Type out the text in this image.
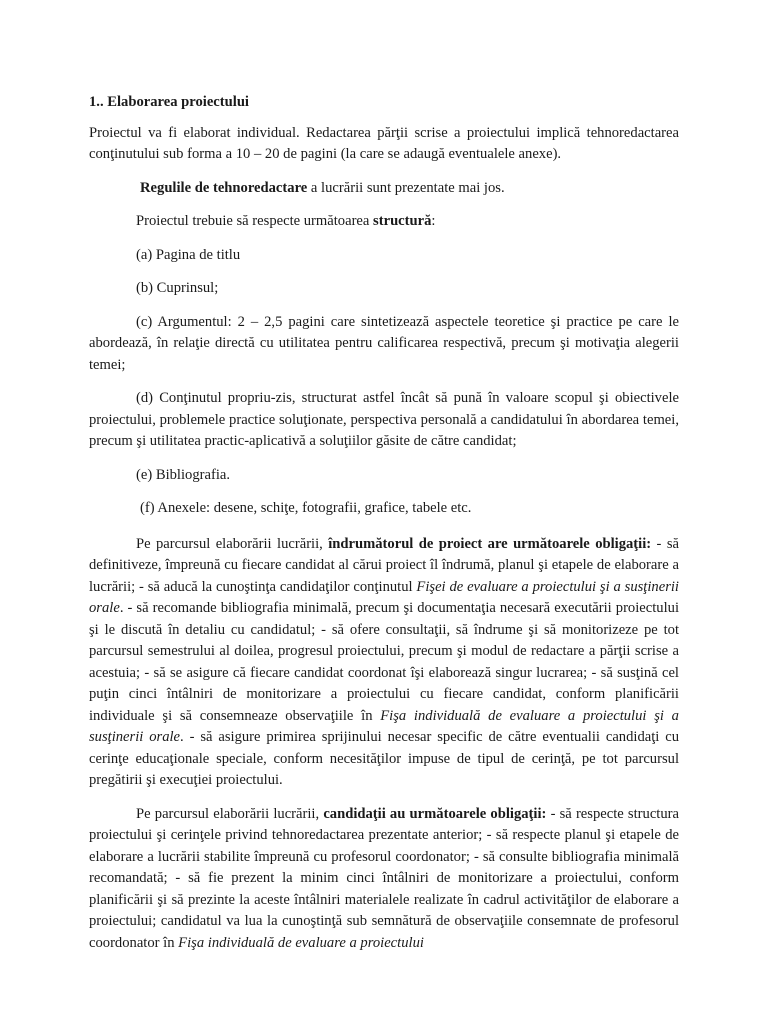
1.. Elaborarea proiectului

Proiectul va fi elaborat individual. Redactarea părţii scrise a proiectului implică tehnoredactarea conţinutului sub forma a 10 – 20 de pagini (la care se adaugă eventualele anexe).

Regulile de tehnoredactare a lucrării sunt prezentate mai jos.

Proiectul trebuie să respecte următoarea structură:

(a) Pagina de titlu

(b) Cuprinsul;

(c) Argumentul: 2 – 2,5 pagini care sintetizează aspectele teoretice şi practice pe care le abordează, în relaţie directă cu utilitatea pentru calificarea respectivă, precum şi motivaţia alegerii temei;

(d) Conţinutul propriu-zis, structurat astfel încât să pună în valoare scopul şi obiectivele proiectului, problemele practice soluţionate, perspectiva personală a candidatului în abordarea temei, precum şi utilitatea practic-aplicativă a soluţiilor găsite de către candidat;

(e) Bibliografia.

(f) Anexele: desene, schiţe, fotografii, grafice, tabele etc.

Pe parcursul elaborării lucrării, îndrumătorul de proiect are următoarele obligaţii: - să definitiveze, împreună cu fiecare candidat al cărui proiect îl îndrumă, planul şi etapele de elaborare a lucrării; - să aducă la cunoştinţa candidaţilor conţinutul Fişei de evaluare a proiectului şi a susţinerii orale. - să recomande bibliografia minimală, precum şi documentaţia necesară executării proiectului şi le discută în detaliu cu candidatul; - să ofere consultaţii, să îndrume şi să monitorizeze pe tot parcursul semestrului al doilea, progresul proiectului, precum şi modul de redactare a părţii scrise a acestuia; - să se asigure că fiecare candidat coordonat îşi elaborează singur lucrarea; - să susţină cel puţin cinci întâlniri de monitorizare a proiectului cu fiecare candidat, conform planificării individuale şi să consemneaze observaţiile în Fişa individuală de evaluare a proiectului şi a susţinerii orale. - să asigure primirea sprijinului necesar specific de către eventualii candidaţi cu cerinţe educaţionale speciale, conform necesităţilor impuse de tipul de cerinţă, pe tot parcursul pregătirii şi execuţiei proiectului.

Pe parcursul elaborării lucrării, candidaţii au următoarele obligaţii: - să respecte structura proiectului şi cerinţele privind tehnoredactarea prezentate anterior; - să respecte planul şi etapele de elaborare a lucrării stabilite împreună cu profesorul coordonator; - să consulte bibliografia minimală recomandată; - să fie prezent la minim cinci întâlniri de monitorizare a proiectului, conform planificării şi să prezinte la aceste întâlniri materialele realizate în cadrul activităţilor de elaborare a proiectului; candidatul va lua la cunoştinţă sub semnătură de observaţiile consemnate de profesorul coordonator în Fişa individuală de evaluare a proiectului
